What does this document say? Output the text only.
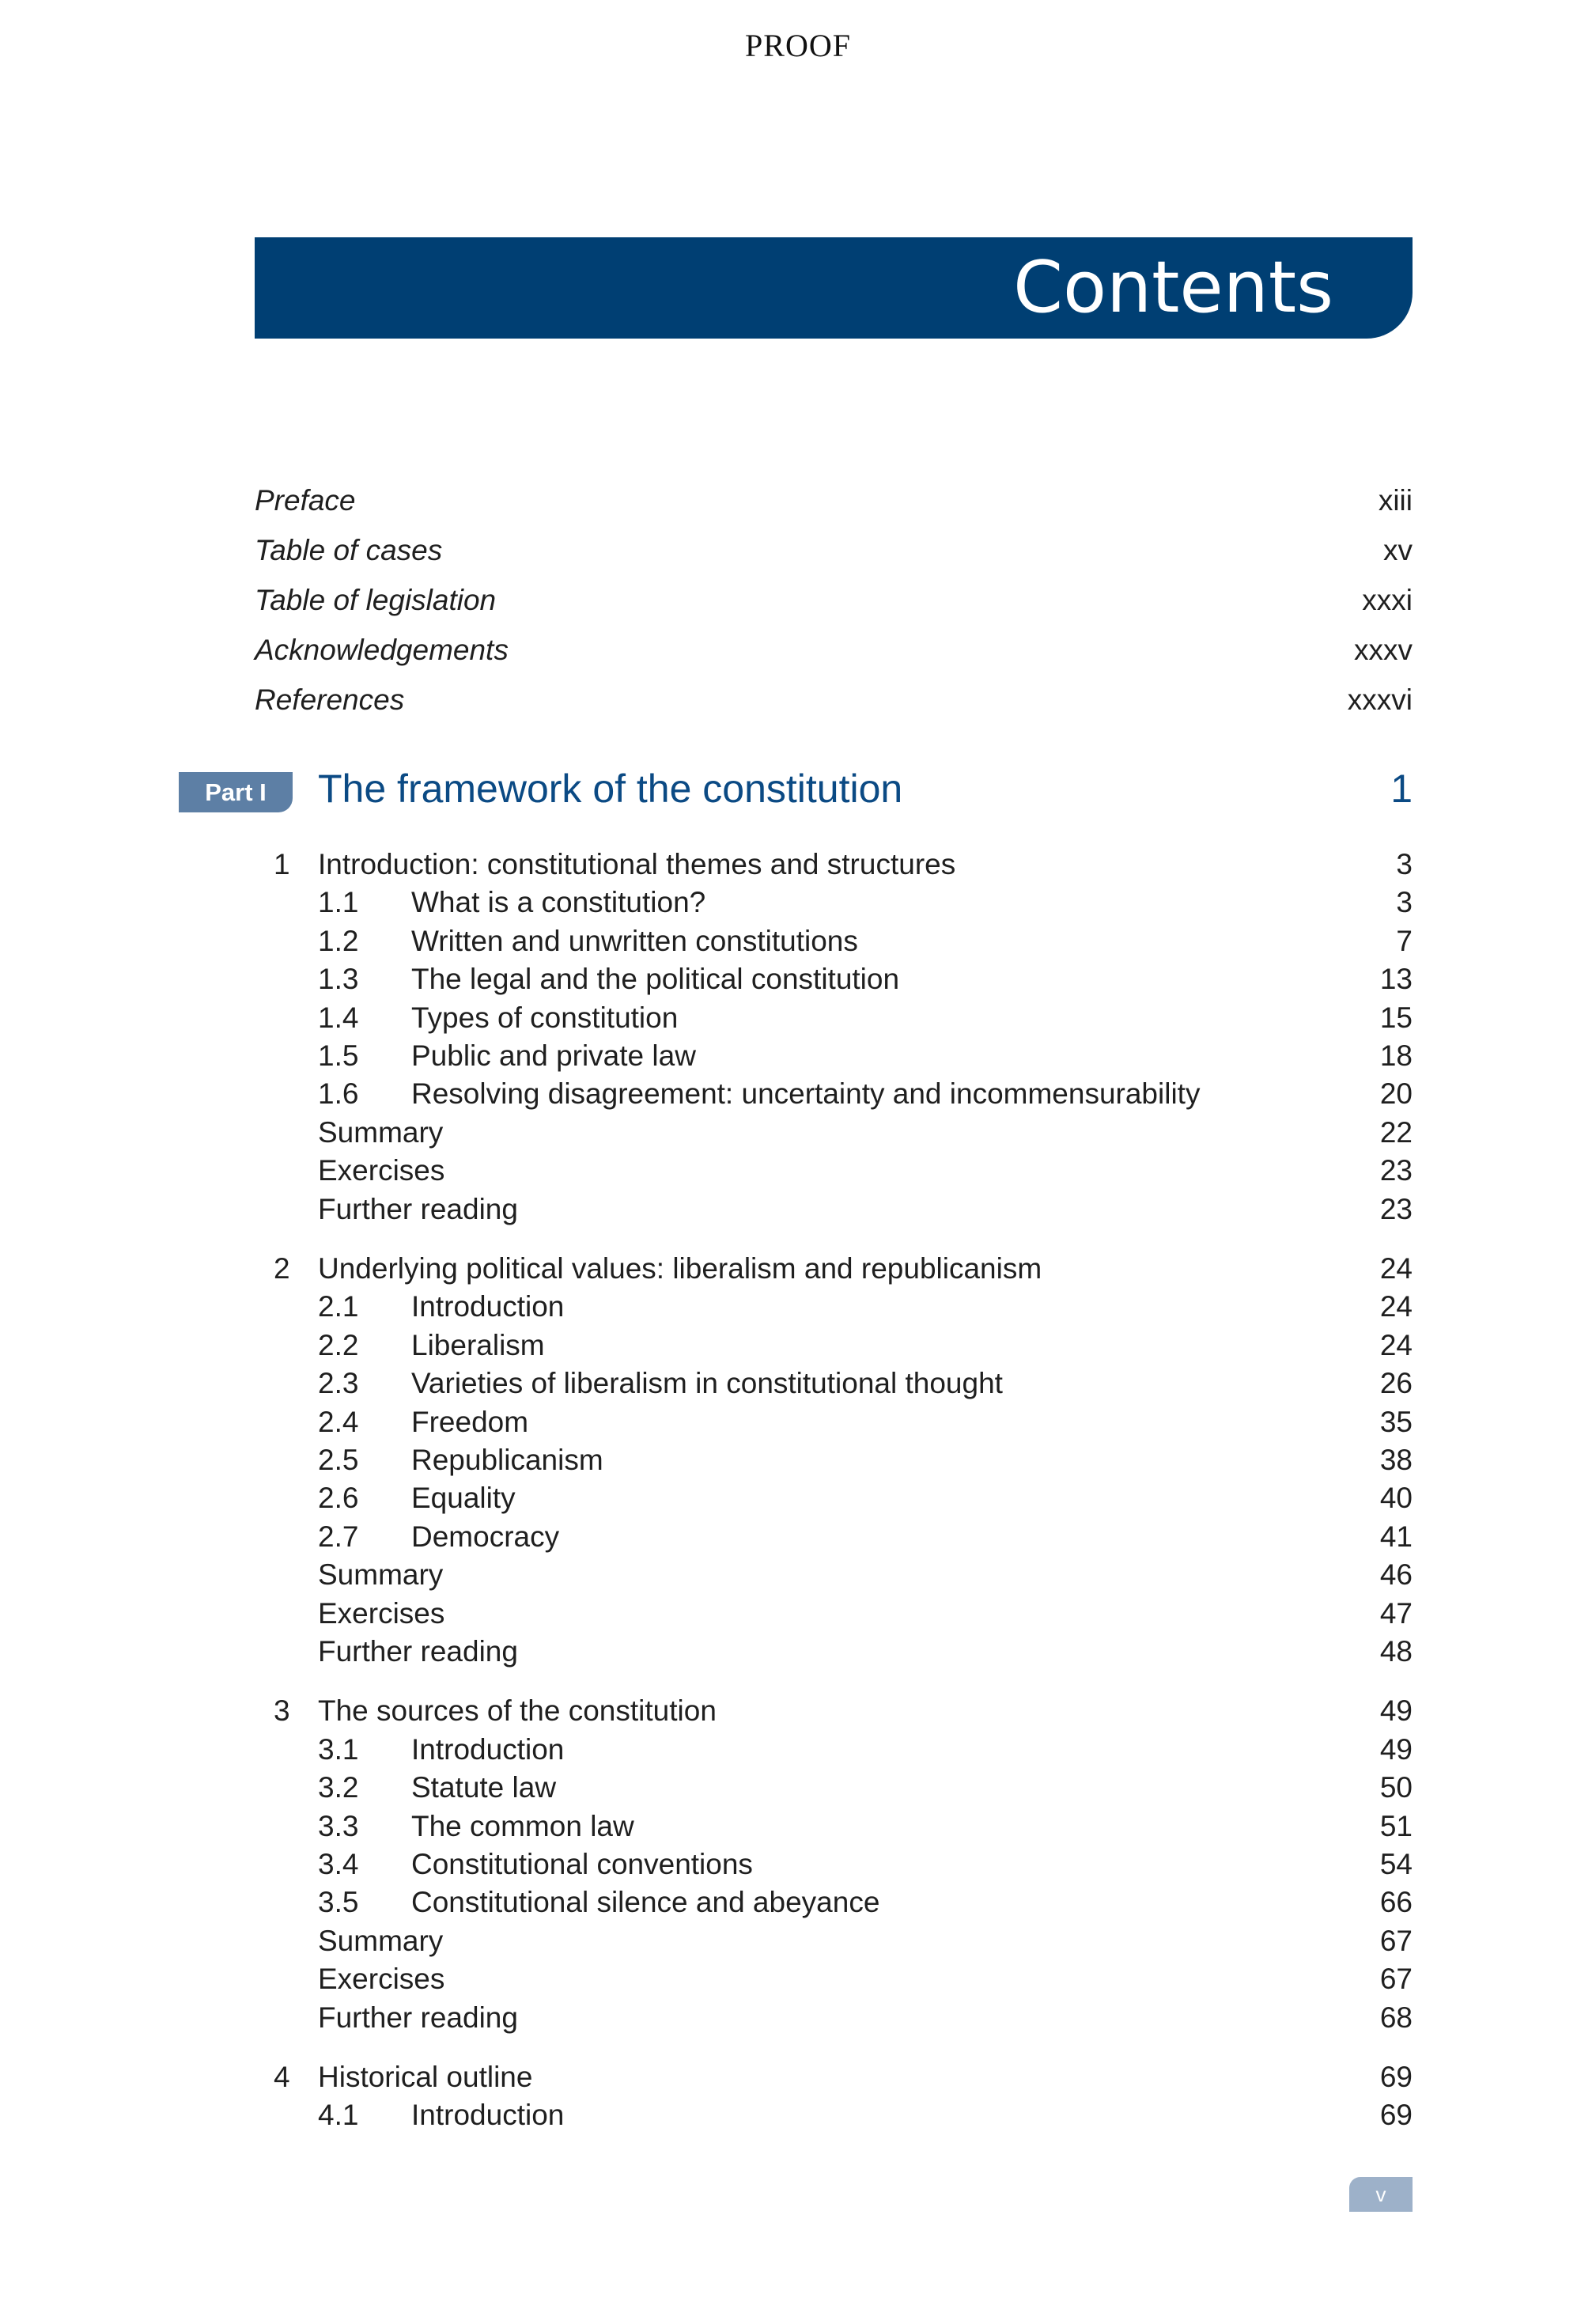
PROOF
Contents
Preface	xiii
Table of cases	xv
Table of legislation	xxxi
Acknowledgements	xxxv
References	xxxvi
Part I	The framework of the constitution	1
1 Introduction: constitutional themes and structures	3
1.1 What is a constitution?	3
1.2 Written and unwritten constitutions	7
1.3 The legal and the political constitution	13
1.4 Types of constitution	15
1.5 Public and private law	18
1.6 Resolving disagreement: uncertainty and incommensurability	20
Summary	22
Exercises	23
Further reading	23
2 Underlying political values: liberalism and republicanism	24
2.1 Introduction	24
2.2 Liberalism	24
2.3 Varieties of liberalism in constitutional thought	26
2.4 Freedom	35
2.5 Republicanism	38
2.6 Equality	40
2.7 Democracy	41
Summary	46
Exercises	47
Further reading	48
3 The sources of the constitution	49
3.1 Introduction	49
3.2 Statute law	50
3.3 The common law	51
3.4 Constitutional conventions	54
3.5 Constitutional silence and abeyance	66
Summary	67
Exercises	67
Further reading	68
4 Historical outline	69
4.1 Introduction	69
v
